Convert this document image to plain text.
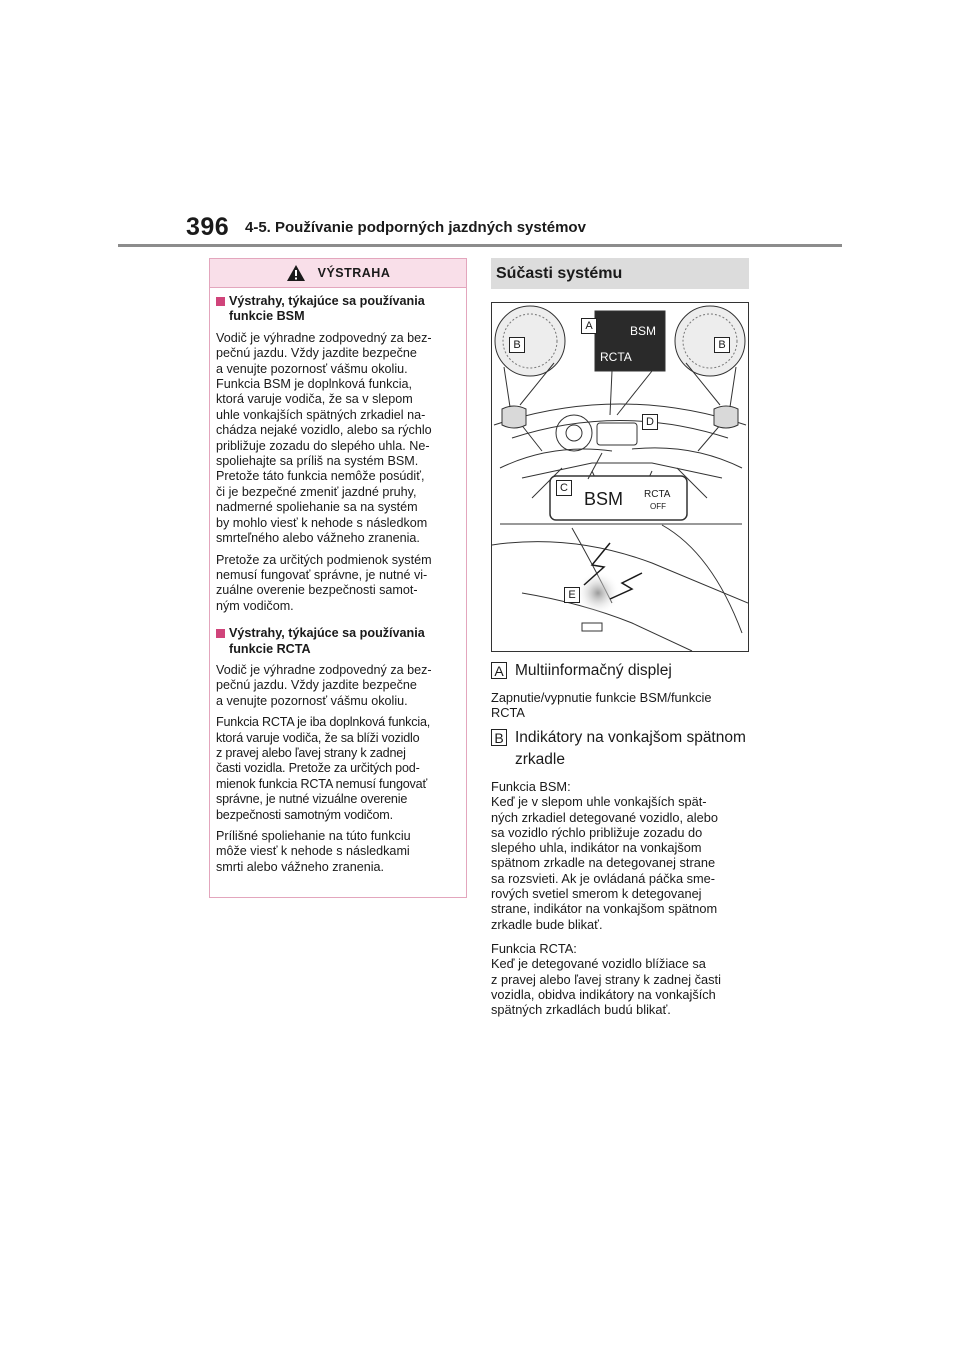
396 4-5. Používanie podporných jazdných systémov
VÝSTRAHA
Výstrahy, týkajúce sa používania funkcie BSM
Vodič je výhradne zodpovedný za bez-
pečnú jazdu. Vždy jazdite bezpečne
a venujte pozornosť vášmu okoliu.
Funkcia BSM je doplnková funkcia,
ktorá varuje vodiča, že sa v slepom
uhle vonkajších spätných zrkadiel na-
chádza nejaké vozidlo, alebo sa rýchlo
približuje zozadu do slepého uhla. Ne-
spoliehajte sa príliš na systém BSM.
Pretože táto funkcia nemôže posúdiť,
či je bezpečné zmeniť jazdné pruhy,
nadmerné spoliehanie sa na systém
by mohlo viesť k nehode s následkom
smrteľného alebo vážneho zranenia.
Pretože za určitých podmienok systém
nemusí fungovať správne, je nutné vi-
zuálne overenie bezpečnosti samot-
ným vodičom.
Výstrahy, týkajúce sa používania funkcie RCTA
Vodič je výhradne zodpovedný za bez-
pečnú jazdu. Vždy jazdite bezpečne
a venujte pozornosť vášmu okoliu.
Funkcia RCTA je iba doplnková funkcia,
ktorá varuje vodiča, že sa blíži vozidlo
z pravej alebo ľavej strany k zadnej
časti vozidla. Pretože za určitých pod-
mienok funkcia RCTA nemusí fungovať
správne, je nutné vizuálne overenie
bezpečnosti samotným vodičom.
Prílišné spoliehanie na túto funkciu
môže viesť k nehode s následkami
smrti alebo vážneho zranenia.
Súčasti systému
BSM
RCTA
BSM RCTA
OFF
A
B	B
C
D
E
A Multiinformačný displej
Zapnutie/vypnutie funkcie BSM/funkcie
RCTA
B Indikátory na vonkajšom spätnom zrkadle
Funkcia BSM:
Keď je v slepom uhle vonkajších spät-
ných zrkadiel detegované vozidlo, alebo
sa vozidlo rýchlo približuje zozadu do
slepého uhla, indikátor na vonkajšom
spätnom zrkadle na detegovanej strane
sa rozsvieti. Ak je ovládaná páčka sme-
rových svetiel smerom k detegovanej
strane, indikátor na vonkajšom spätnom
zrkadle bude blikať.
Funkcia RCTA:
Keď je detegované vozidlo blížiace sa
z pravej alebo ľavej strany k zadnej časti
vozidla, obidva indikátory na vonkajších
spätných zrkadlách budú blikať.
